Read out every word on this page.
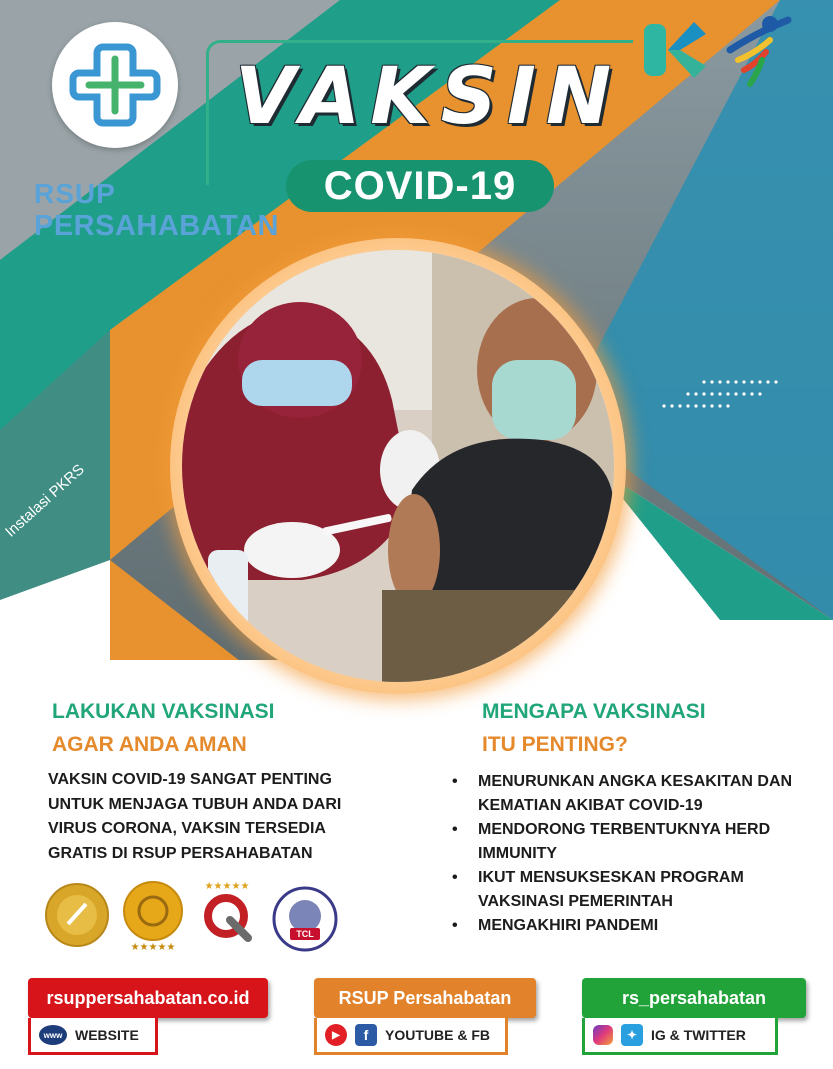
RSUP
PERSAHABATAN
VAKSIN
COVID-19
Instalasi PKRS
LAKUKAN VAKSINASI
AGAR ANDA AMAN
VAKSIN COVID-19 SANGAT PENTING
UNTUK MENJAGA TUBUH ANDA DARI
VIRUS CORONA, VAKSIN TERSEDIA
GRATIS DI RSUP PERSAHABATAN
★★★★★
★★★★★
TCL
MENGAPA VAKSINASI
ITU PENTING?
• MENURUNKAN ANGKA KESAKITAN DAN KEMATIAN AKIBAT COVID-19
• MENDORONG TERBENTUKNYA HERD IMMUNITY
• IKUT MENSUKSESKAN PROGRAM VAKSINASI PEMERINTAH
• MENGAKHIRI PANDEMI
rsuppersahabatan.co.id
www WEBSITE
RSUP Persahabatan
▶	f	YOUTUBE & FB
rs_persahabatan
✦ IG & TWITTER
